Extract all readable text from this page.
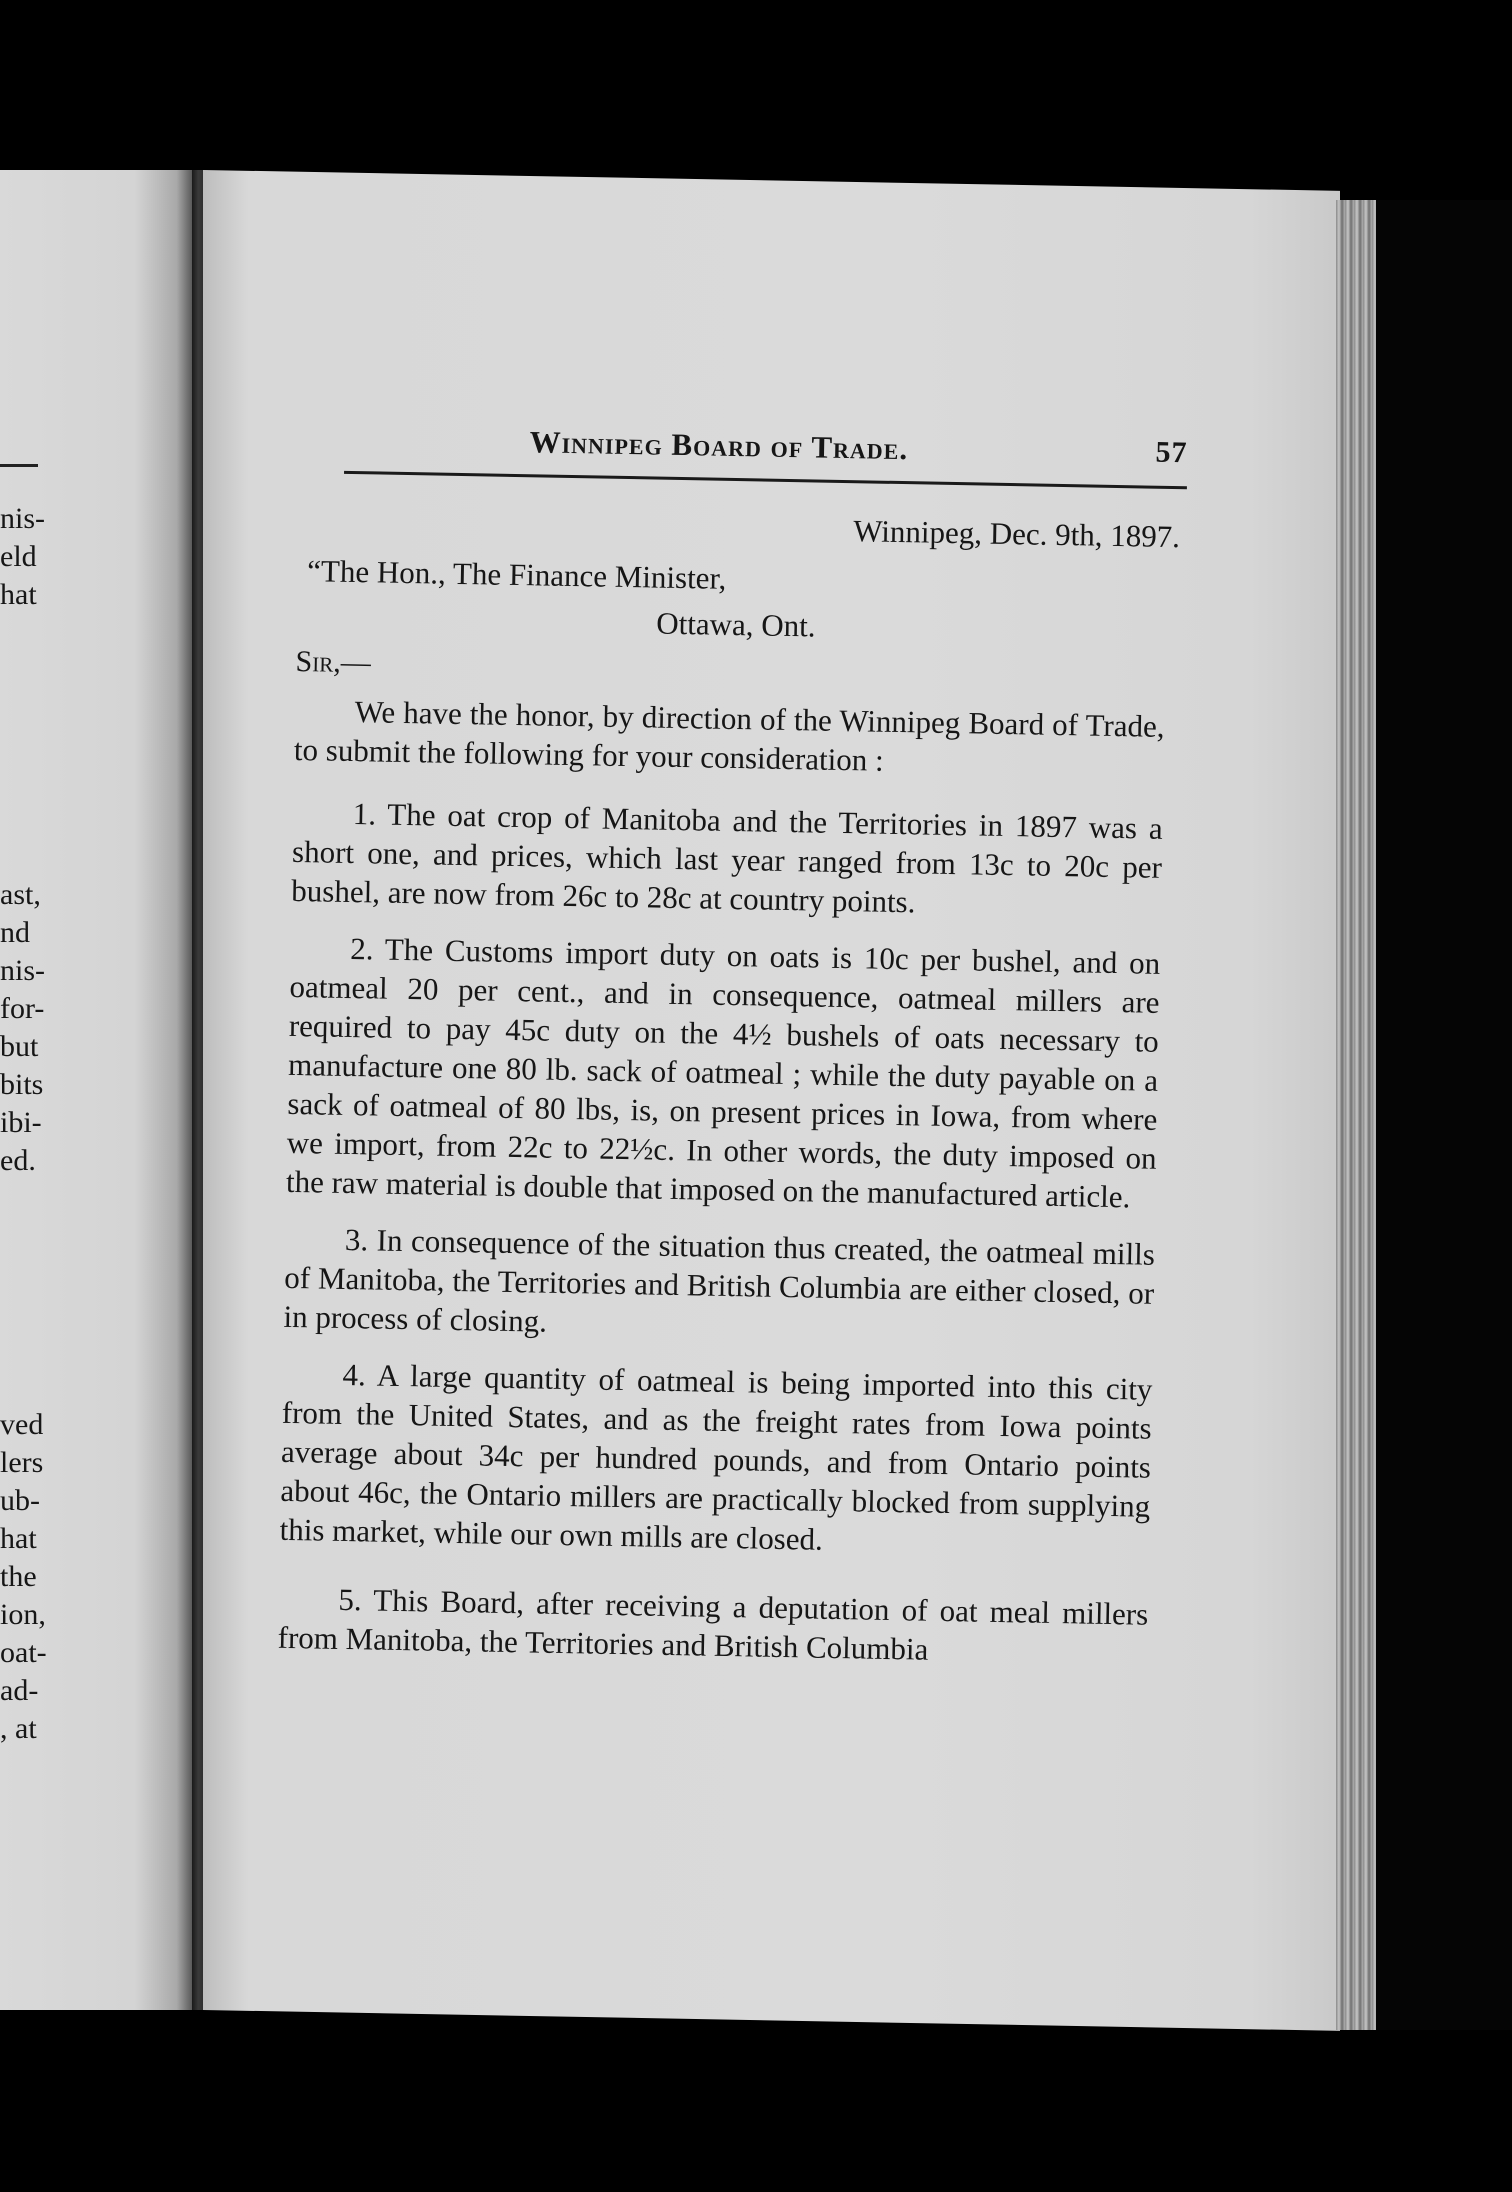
nis-
eld
hat
ast,
nd
nis-
for-
but
bits
ibi-
ed.
ved
lers
ub-
hat
the
ion,
oat-
ad-
, at
Winnipeg Board of Trade.	57
Winnipeg, Dec. 9th, 1897.
“The Hon., The Finance Minister,
Ottawa, Ont.
Sir,—

We have the honor, by direction of the Winnipeg Board of Trade, to submit the following for your consideration :

1. The oat crop of Manitoba and the Territories in 1897 was a short one, and prices, which last year ranged from 13c to 20c per bushel, are now from 26c to 28c at country points.

2. The Customs import duty on oats is 10c per bushel, and on oatmeal 20 per cent., and in consequence, oatmeal millers are required to pay 45c duty on the 4½ bushels of oats necessary to manufacture one 80 lb. sack of oatmeal ; while the duty payable on a sack of oatmeal of 80 lbs, is, on present prices in Iowa, from where we import, from 22c to 22½c. In other words, the duty imposed on the raw material is double that imposed on the manufactured article.

3. In consequence of the situation thus created, the oatmeal mills of Manitoba, the Territories and British Columbia are either closed, or in process of closing.

4. A large quantity of oatmeal is being imported into this city from the United States, and as the freight rates from Iowa points average about 34c per hundred pounds, and from Ontario points about 46c, the Ontario millers are practically blocked from supplying this market, while our own mills are closed.

5. This Board, after receiving a deputation of oat meal millers from Manitoba, the Territories and British Columbia
